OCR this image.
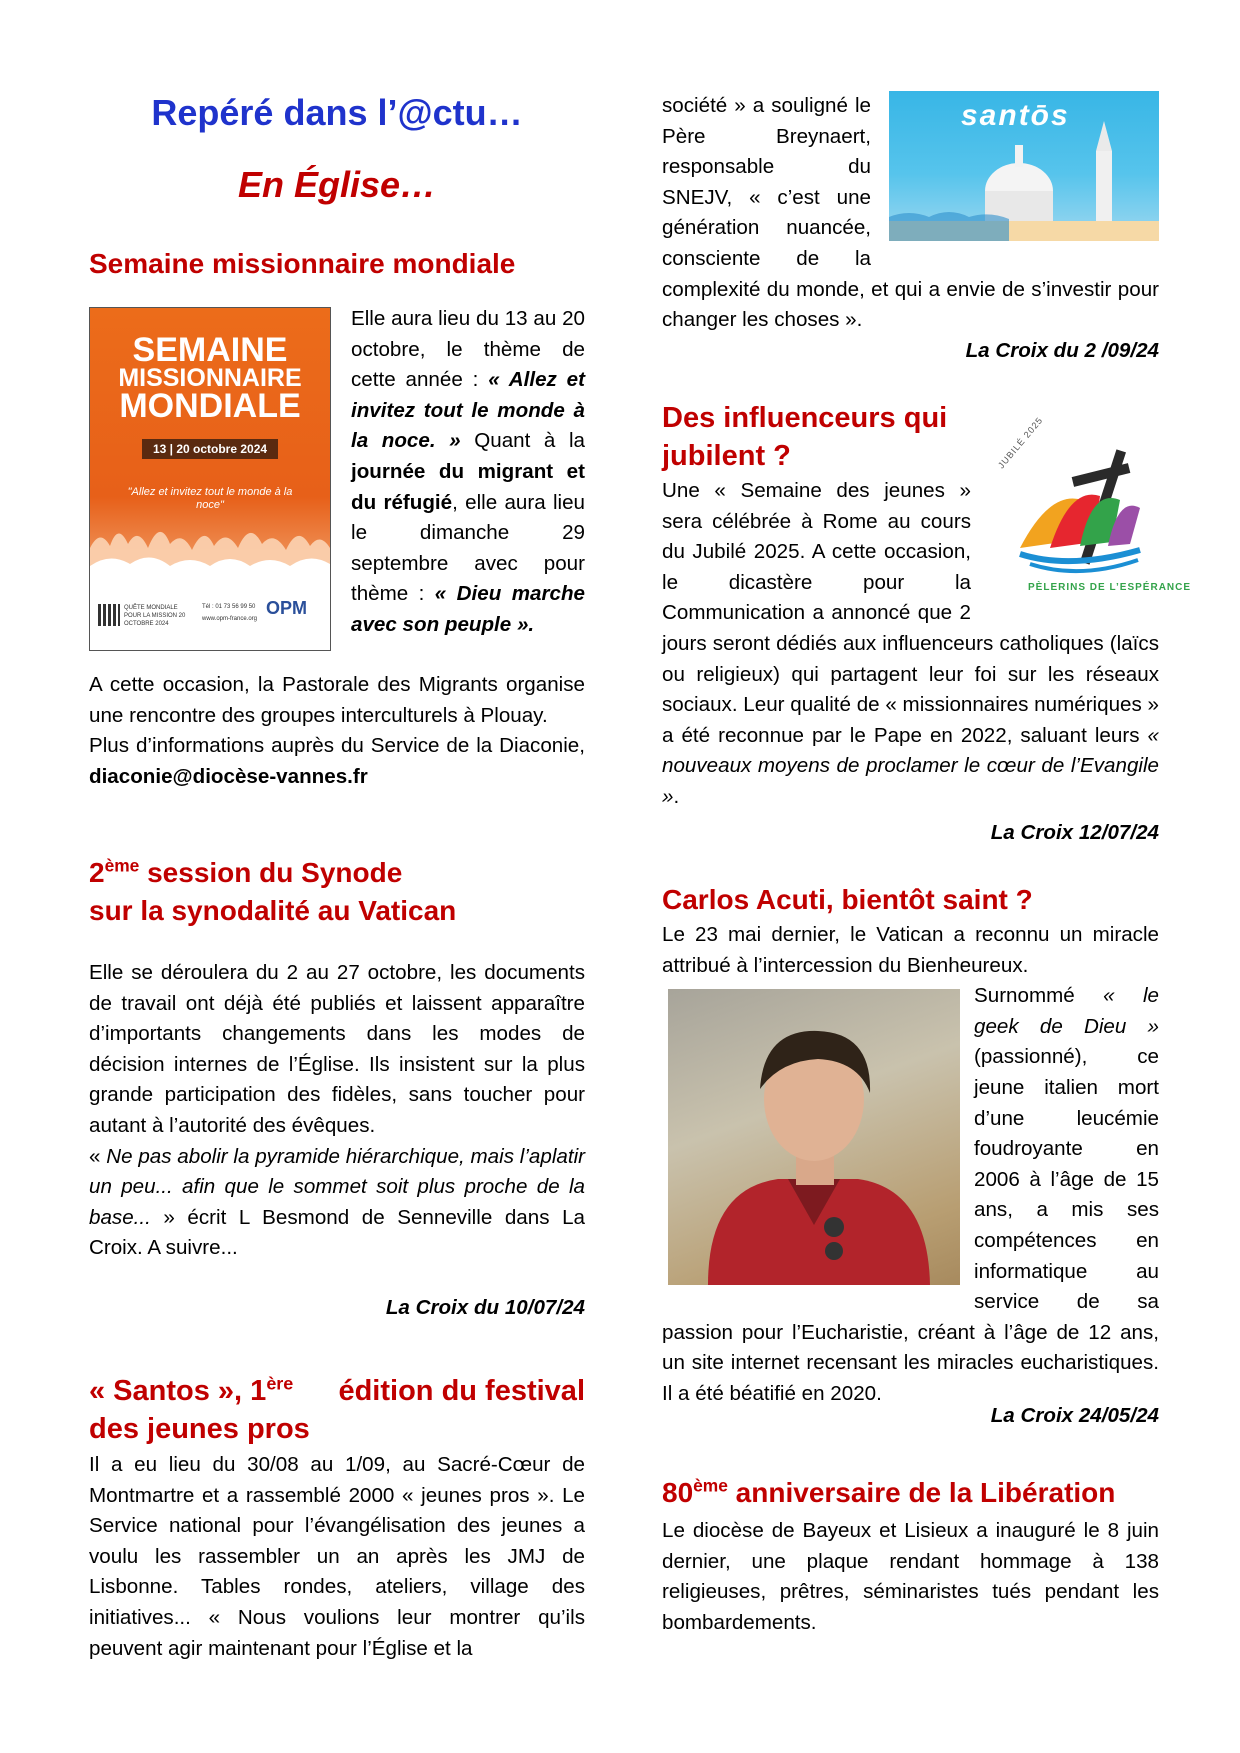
Repéré dans l’@ctu…
En Église…
Semaine missionnaire mondiale
SEMAINE
MISSIONNAIRE
MONDIALE
13 | 20 octobre 2024
"Allez et invitez tout le monde à la noce"
QUÊTE MONDIALE POUR LA MISSION 20 OCTOBRE 2024
Tél : 01 73 56 99 50
www.opm-france.org
OPM

Elle aura lieu du 13 au 20 octobre, le thème de cette année : « Allez et invitez tout le monde à la noce. » Quant à la journée du migrant et du réfugié, elle aura lieu le dimanche 29 septembre avec pour thème : « Dieu marche avec son peuple ».

A cette occasion, la Pastorale des Migrants organise une rencontre des groupes interculturels à Plouay.

Plus d’informations auprès du Service de la Diaconie, diaconie@diocèse-vannes.fr

2ème session du Synode
sur la synodalité au Vatican

Elle se déroulera du 2 au 27 octobre, les documents de travail ont déjà été publiés et laissent apparaître d’importants changements dans les modes de décision internes de l’Église. Ils insistent sur la plus grande participation des fidèles, sans toucher pour autant à l’autorité des évêques.

« Ne pas abolir la pyramide hiérarchique, mais l’aplatir un peu... afin que le sommet soit plus proche de la base... » écrit L Besmond de Senneville dans La Croix. A suivre...

La Croix du 10/07/24
« Santos », 1ère édition du festival
des jeunes pros

Il a eu lieu du 30/08 au 1/09, au Sacré-Cœur de Montmartre et a rassemblé 2000 « jeunes pros ». Le Service national pour l’évangélisation des jeunes a voulu les rassembler un an après les JMJ de Lisbonne. Tables rondes, ateliers, village des initiatives... « Nous voulions leur montrer qu’ils peuvent agir maintenant pour l’Église et la

santōs

société » a souligné le Père Breynaert, responsable du SNEJV, « c’est une génération nuancée, consciente de la complexité du monde, et qui a envie de s’investir pour changer les choses ».

La Croix du 2 /09/24
Des influenceurs qui jubilent ?	JUBILÉ 2025
PÈLERINS DE L’ESPÉRANCE

Une « Semaine des jeunes » sera célébrée à Rome au cours du Jubilé 2025. A cette occasion, le dicastère pour la Communication a annoncé que 2 jours seront dédiés aux influenceurs catholiques (laïcs ou religieux) qui partagent leur foi sur les réseaux sociaux. Leur qualité de « missionnaires numériques » a été reconnue par le Pape en 2022, saluant leurs « nouveaux moyens de proclamer le cœur de l’Evangile ».

La Croix 12/07/24
Carlos Acuti, bientôt saint ?

Le 23 mai dernier, le Vatican a reconnu un miracle attribué à l’intercession du Bienheureux.

Surnommé « le geek de Dieu » (passionné), ce jeune italien mort d’une leucémie foudroyante en 2006 à l’âge de 15 ans, a mis ses compétences en informatique au service de sa passion pour l’Eucharistie, créant à l’âge de 12 ans, un site internet recensant les miracles eucharistiques. Il a été béatifié en 2020.

La Croix 24/05/24
80ème anniversaire de la Libération

Le diocèse de Bayeux et Lisieux a inauguré le 8 juin dernier, une plaque rendant hommage à 138 religieuses, prêtres, séminaristes tués pendant les bombardements.
